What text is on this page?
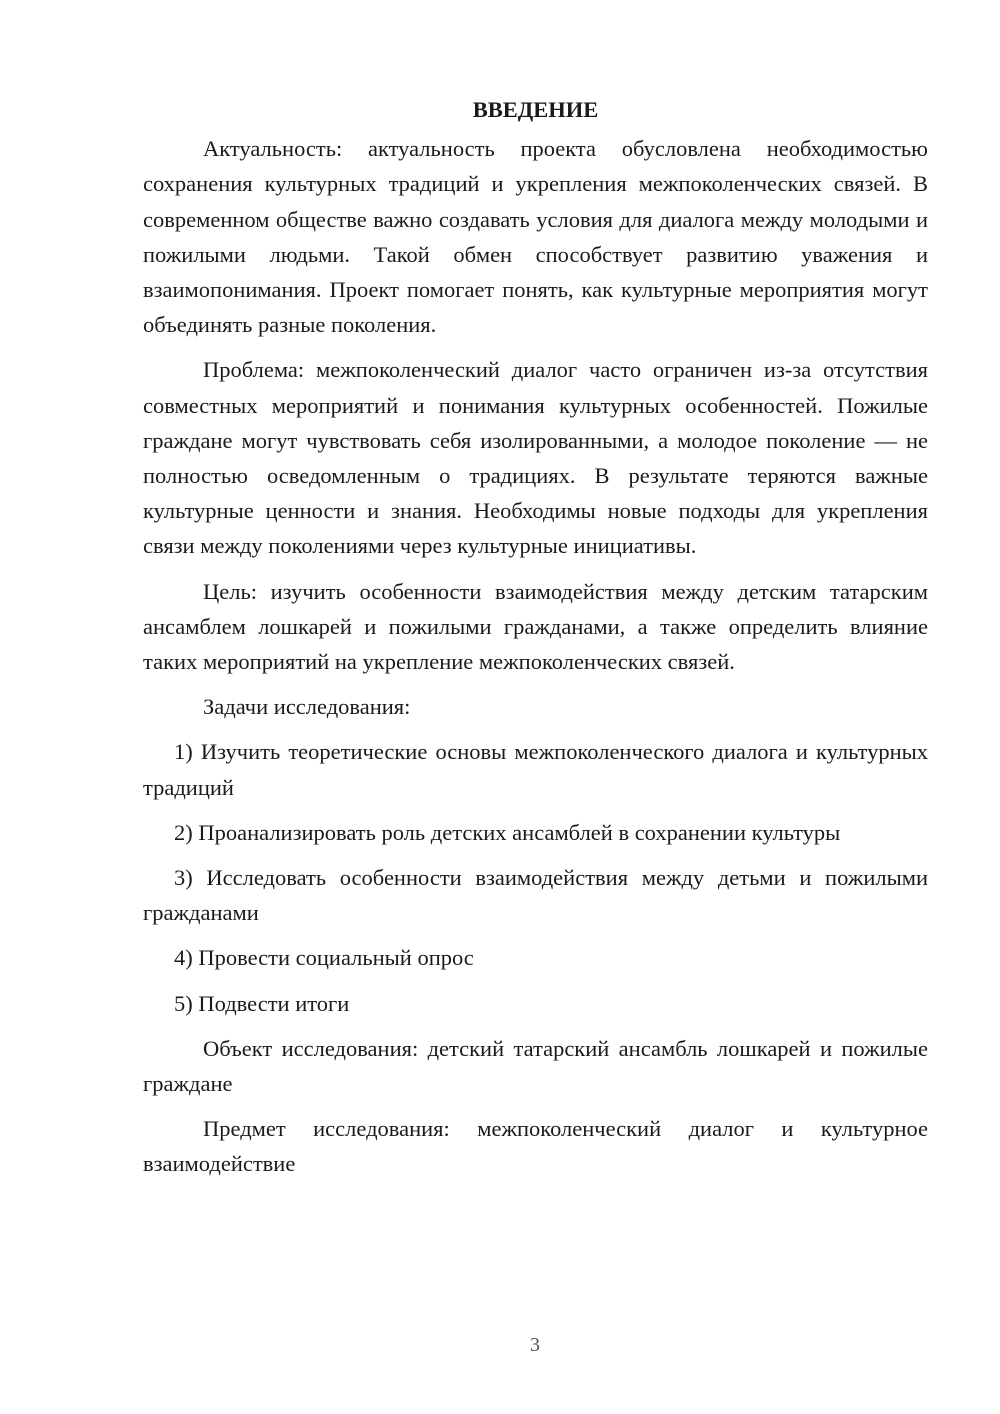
ВВЕДЕНИЕ

Актуальность: актуальность проекта обусловлена необходимостью сохранения культурных традиций и укрепления межпоколенческих связей. В современном обществе важно создавать условия для диалога между молодыми и пожилыми людьми. Такой обмен способствует развитию уважения и взаимопонимания. Проект помогает понять, как культурные мероприятия могут объединять разные поколения.

Проблема: межпоколенческий диалог часто ограничен из-за отсутствия совместных мероприятий и понимания культурных особенностей. Пожилые граждане могут чувствовать себя изолированными, а молодое поколение — не полностью осведомленным о традициях. В результате теряются важные культурные ценности и знания. Необходимы новые подходы для укрепления связи между поколениями через культурные инициативы.

Цель: изучить особенности взаимодействия между детским татарским ансамблем лошкарей и пожилыми гражданами, а также определить влияние таких мероприятий на укрепление межпоколенческих связей.

Задачи исследования:

1) Изучить теоретические основы межпоколенческого диалога и культурных традиций

2) Проанализировать роль детских ансамблей в сохранении культуры

3) Исследовать особенности взаимодействия между детьми и пожилыми гражданами

4) Провести социальный опрос

5) Подвести итоги

Объект исследования: детский татарский ансамбль лошкарей и пожилые граждане

Предмет исследования: межпоколенческий диалог и культурное взаимодействие

3
